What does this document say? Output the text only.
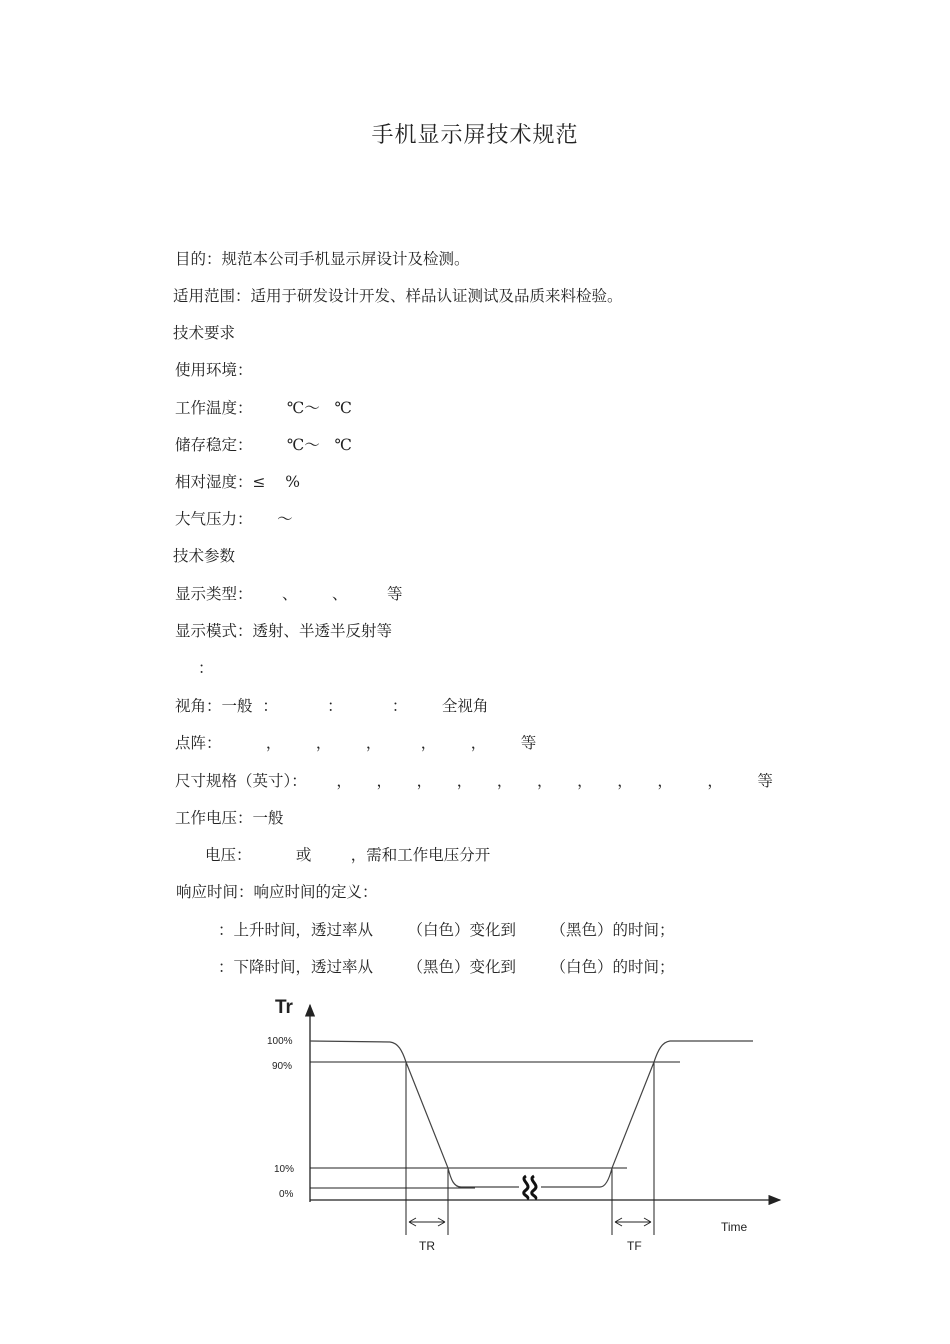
手机显示屏技术规范
目的：规范本公司手机显示屏设计及检测。
适用范围：适用于研发设计开发、样品认证测试及品质来料检验。
技术要求
使用环境：
工作温度：       ℃～   ℃
储存稳定：       ℃～   ℃
相对湿度：≤    %
大气压力：     ～
技术参数
显示类型：      、       、        等
显示模式：透射、半透半反射等
：
视角：一般  ：          ：          ：       全视角
点阵：         ，       ，       ，        ，       ，       等
尺寸规格（英寸）：      ，     ，     ，     ，     ，     ，     ，     ，     ，       ，       等
工作电压：一般
电压：         或        ，需和工作电压分开
响应时间：响应时间的定义：
：上升时间，透过率从       （白色）变化到       （黑色）的时间；
：下降时间，透过率从       （黑色）变化到       （白色）的时间；
Tr
Time
100%
90%
10%
0%
TR	TF
